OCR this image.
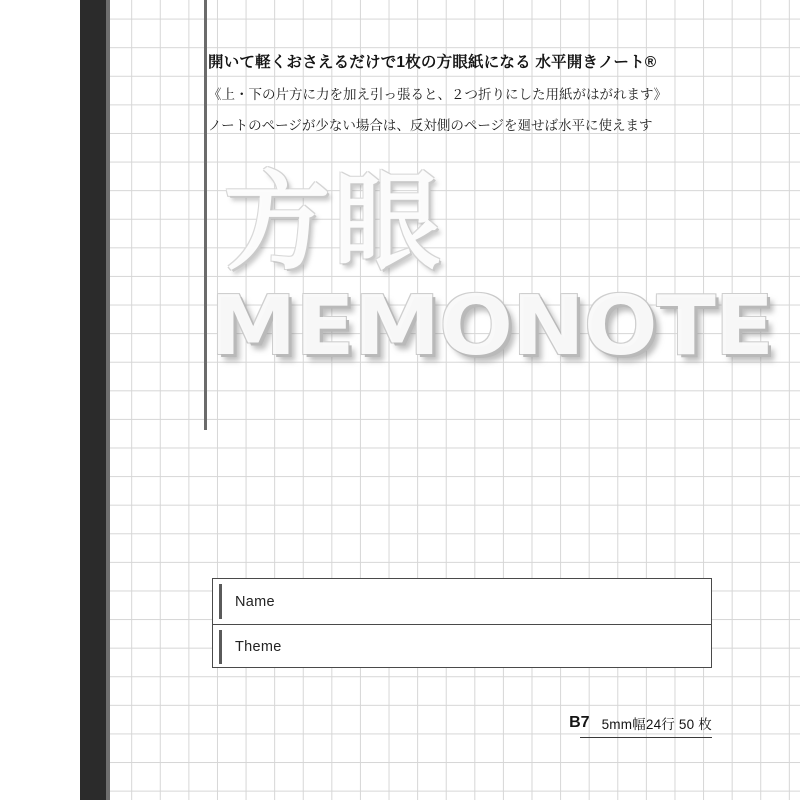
開いて軽くおさえるだけで1枚の方眼紙になる 水平開きノート®
《上・下の片方に力を加え引っ張ると、２つ折りにした用紙がはがれます》
ノートのページが少ない場合は、反対側のページを廻せば水平に使えます
方眼
MEMONOTE
Name
Theme
B7 5mm幅24行 50 枚
